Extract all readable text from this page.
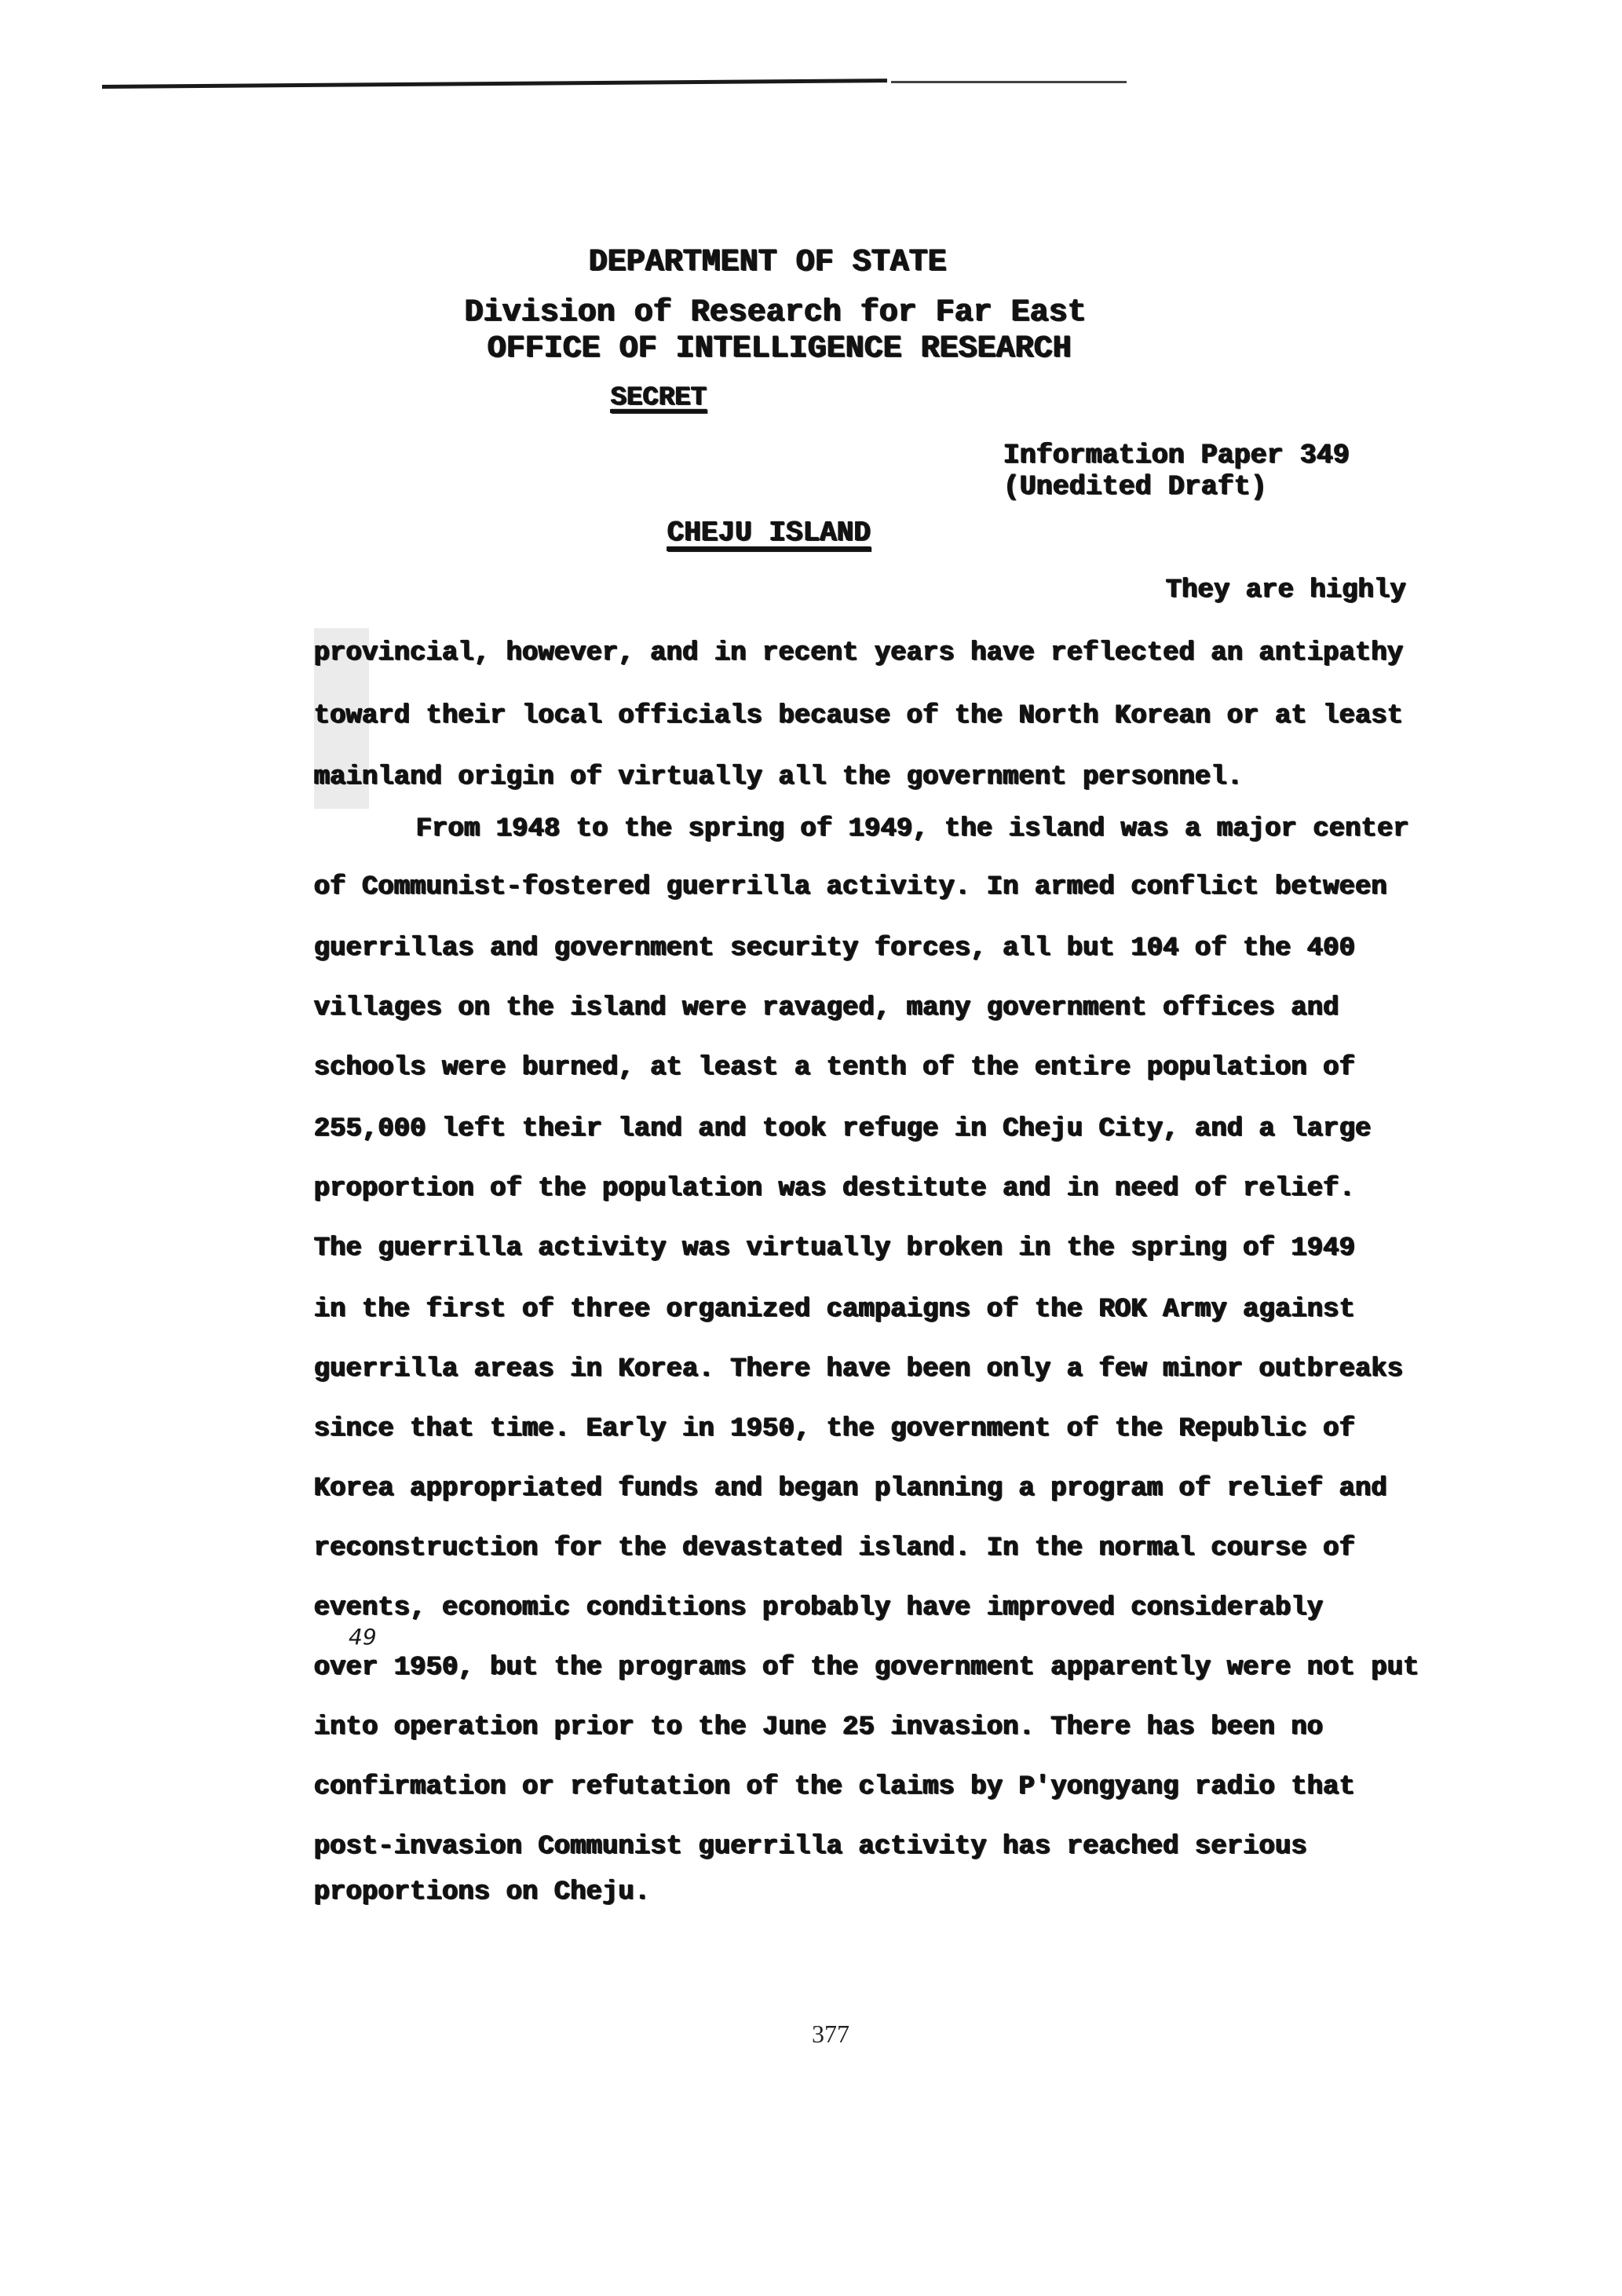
DEPARTMENT OF STATE
Division of Research for Far East
OFFICE OF INTELLIGENCE RESEARCH
SECRET
Information Paper 349
(Unedited Draft)
CHEJU ISLAND
They are highly
provincial, however, and in recent years have reflected an antipathy
toward their local officials because of the North Korean or at least
mainland origin of virtually all the government personnel.
From 1948 to the spring of 1949, the island was a major center
of Communist-fostered guerrilla activity. In armed conflict between
guerrillas and government security forces, all but 104 of the 400
villages on the island were ravaged, many government offices and
schools were burned, at least a tenth of the entire population of
255,000 left their land and took refuge in Cheju City, and a large
proportion of the population was destitute and in need of relief.
The guerrilla activity was virtually broken in the spring of 1949
in the first of three organized campaigns of the ROK Army against
guerrilla areas in Korea. There have been only a few minor outbreaks
since that time. Early in 1950, the government of the Republic of
Korea appropriated funds and began planning a program of relief and
reconstruction for the devastated island. In the normal course of
events, economic conditions probably have improved considerably
over 1950, but the programs of the government apparently were not put
into operation prior to the June 25 invasion. There has been no
confirmation or refutation of the claims by P'yongyang radio that
post-invasion Communist guerrilla activity has reached serious
proportions on Cheju.
49
377
